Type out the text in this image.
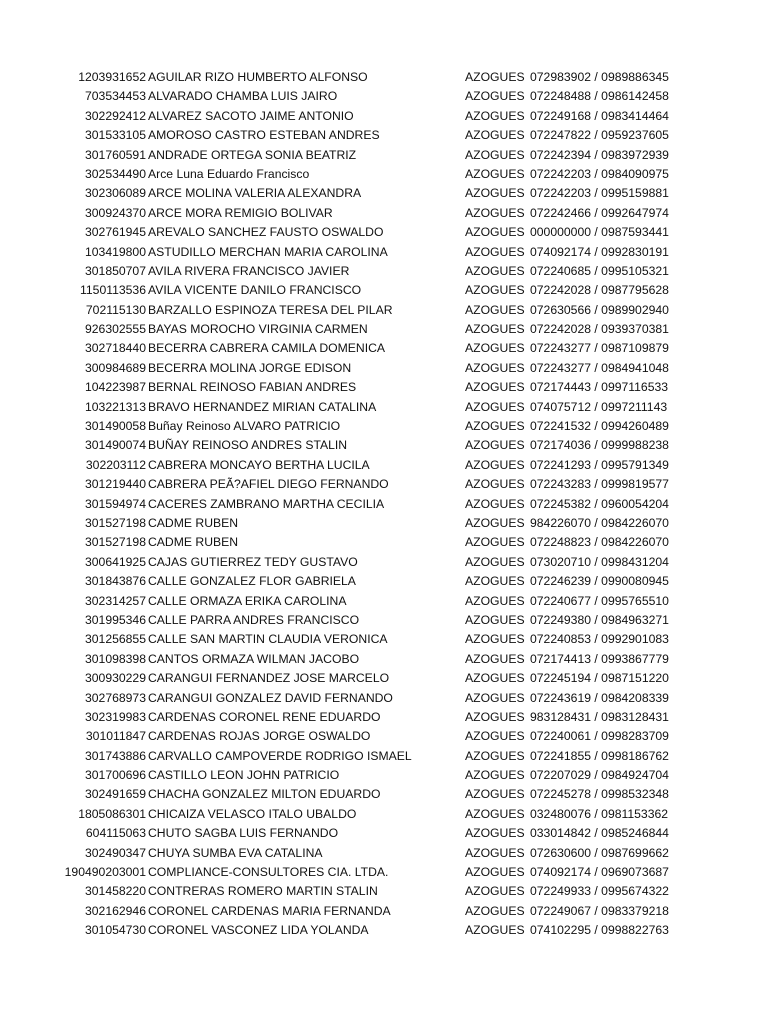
1203931652 AGUILAR RIZO HUMBERTO ALFONSO	AZOGUES 072983902 / 0989886345
703534453 ALVARADO CHAMBA LUIS JAIRO	AZOGUES 072248488 / 0986142458
302292412 ALVAREZ SACOTO JAIME ANTONIO	AZOGUES 072249168 / 0983414464
301533105 AMOROSO CASTRO ESTEBAN ANDRES	AZOGUES 072247822 / 0959237605
301760591 ANDRADE ORTEGA SONIA BEATRIZ	AZOGUES 072242394 / 0983972939
302534490 Arce Luna Eduardo Francisco	AZOGUES 072242203 / 0984090975
302306089 ARCE MOLINA VALERIA ALEXANDRA	AZOGUES 072242203 / 0995159881
300924370 ARCE MORA REMIGIO BOLIVAR	AZOGUES 072242466 / 0992647974
302761945 AREVALO SANCHEZ FAUSTO OSWALDO	AZOGUES 000000000 / 0987593441
103419800 ASTUDILLO MERCHAN MARIA CAROLINA	AZOGUES 074092174 / 0992830191
301850707 AVILA RIVERA FRANCISCO JAVIER	AZOGUES 072240685 / 0995105321
1150113536 AVILA VICENTE DANILO FRANCISCO	AZOGUES 072242028 / 0987795628
702115130 BARZALLO ESPINOZA TERESA DEL PILAR	AZOGUES 072630566 / 0989902940
926302555 BAYAS MOROCHO VIRGINIA CARMEN	AZOGUES 072242028 / 0939370381
302718440 BECERRA CABRERA CAMILA DOMENICA	AZOGUES 072243277 / 0987109879
300984689 BECERRA MOLINA JORGE EDISON	AZOGUES 072243277 / 0984941048
104223987 BERNAL REINOSO FABIAN ANDRES	AZOGUES 072174443 / 0997116533
103221313 BRAVO HERNANDEZ MIRIAN CATALINA	AZOGUES 074075712 / 0997211143
301490058 Buñay Reinoso ALVARO PATRICIO	AZOGUES 072241532 / 0994260489
301490074 BUÑAY REINOSO ANDRES STALIN	AZOGUES 072174036 / 0999988238
302203112 CABRERA MONCAYO BERTHA LUCILA	AZOGUES 072241293 / 0995791349
301219440 CABRERA PEÃ?AFIEL DIEGO FERNANDO	AZOGUES 072243283 / 0999819577
301594974 CACERES ZAMBRANO MARTHA CECILIA	AZOGUES 072245382 / 0960054204
301527198 CADME RUBEN	AZOGUES 984226070 / 0984226070
301527198 CADME RUBEN	AZOGUES 072248823 / 0984226070
300641925 CAJAS GUTIERREZ TEDY GUSTAVO	AZOGUES 073020710 / 0998431204
301843876 CALLE GONZALEZ FLOR GABRIELA	AZOGUES 072246239 / 0990080945
302314257 CALLE ORMAZA ERIKA CAROLINA	AZOGUES 072240677 / 0995765510
301995346 CALLE PARRA ANDRES FRANCISCO	AZOGUES 072249380 / 0984963271
301256855 CALLE SAN MARTIN CLAUDIA VERONICA	AZOGUES 072240853 / 0992901083
301098398 CANTOS ORMAZA WILMAN JACOBO	AZOGUES 072174413 / 0993867779
300930229 CARANGUI FERNANDEZ JOSE MARCELO	AZOGUES 072245194 / 0987151220
302768973 CARANGUI GONZALEZ DAVID FERNANDO	AZOGUES 072243619 / 0984208339
302319983 CARDENAS CORONEL RENE EDUARDO	AZOGUES 983128431 / 0983128431
301011847 CARDENAS ROJAS JORGE OSWALDO	AZOGUES 072240061 / 0998283709
301743886 CARVALLO CAMPOVERDE RODRIGO ISMAEL	AZOGUES 072241855 / 0998186762
301700696 CASTILLO LEON JOHN PATRICIO	AZOGUES 072207029 / 0984924704
302491659 CHACHA GONZALEZ MILTON EDUARDO	AZOGUES 072245278 / 0998532348
1805086301 CHICAIZA VELASCO ITALO UBALDO	AZOGUES 032480076 / 0981153362
604115063 CHUTO SAGBA LUIS FERNANDO	AZOGUES 033014842 / 0985246844
302490347 CHUYA SUMBA EVA CATALINA	AZOGUES 072630600 / 0987699662
190490203001 COMPLIANCE-CONSULTORES CIA. LTDA.	AZOGUES 074092174 / 0969073687
301458220 CONTRERAS ROMERO MARTIN STALIN	AZOGUES 072249933 / 0995674322
302162946 CORONEL CARDENAS MARIA FERNANDA	AZOGUES 072249067 / 0983379218
301054730 CORONEL VASCONEZ LIDA YOLANDA	AZOGUES 074102295 / 0998822763
